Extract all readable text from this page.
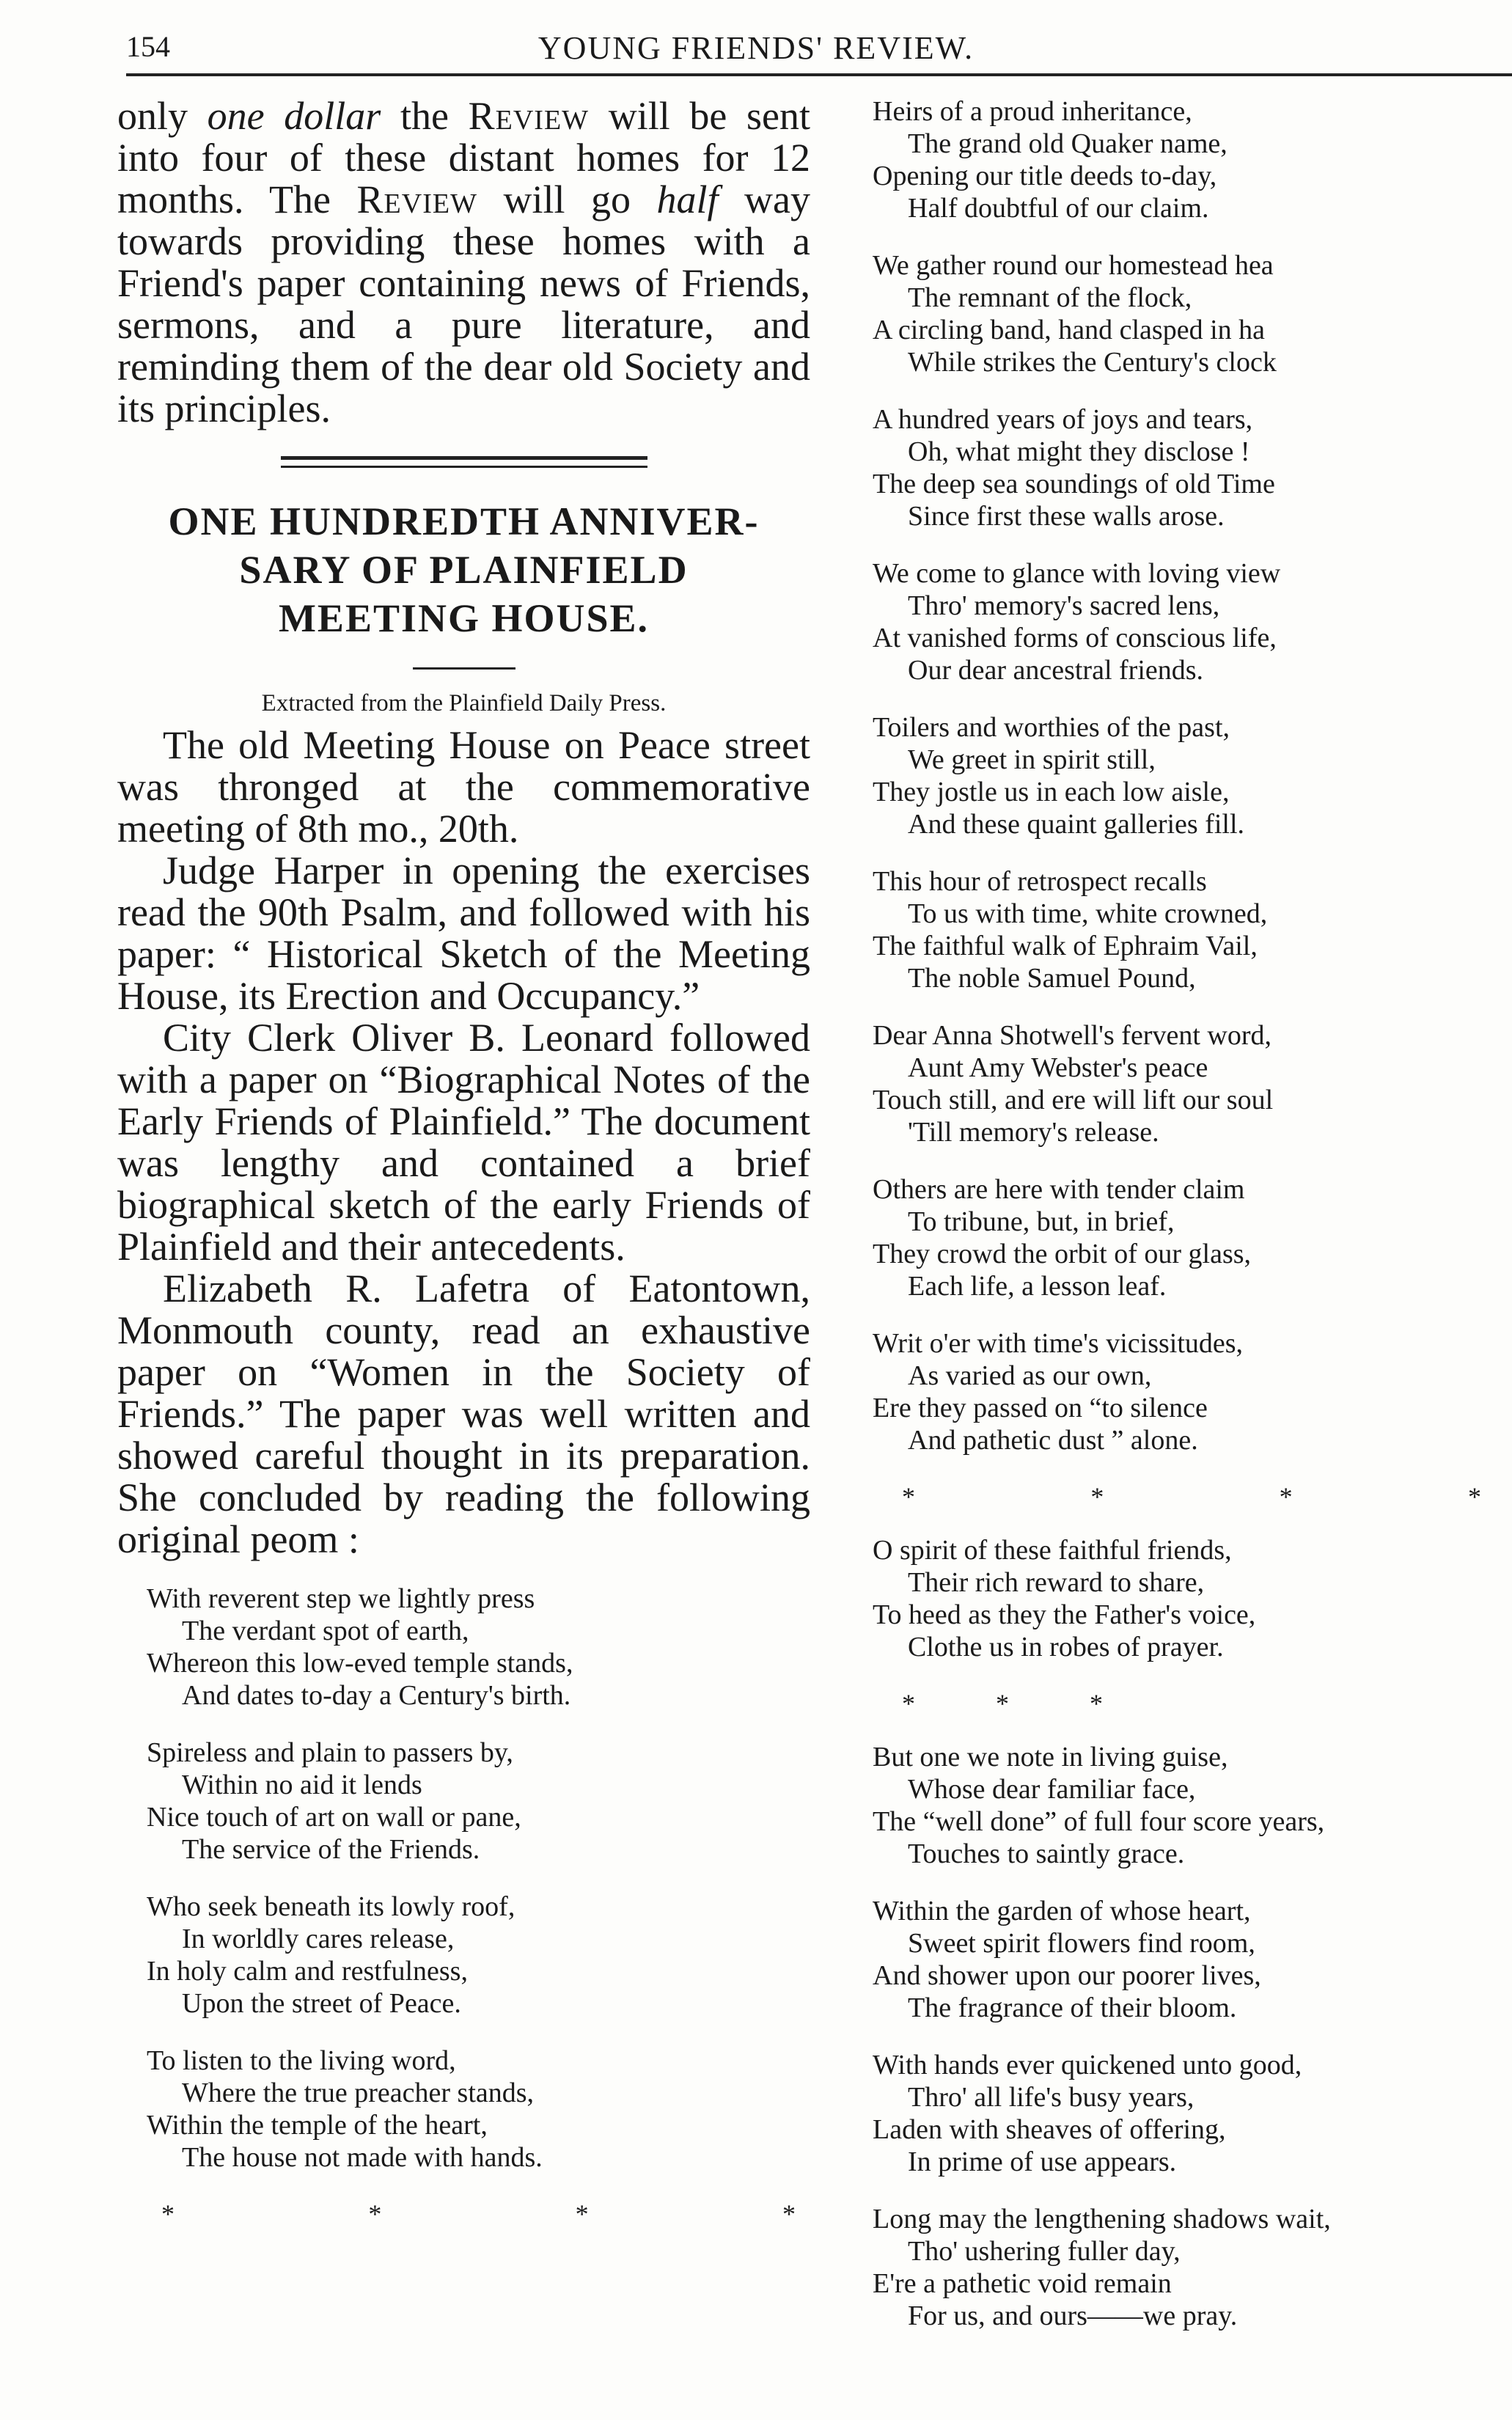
154	YOUNG FRIENDS' REVIEW.

only one dollar the Review will be sent into four of these distant homes for 12 months. The Review will go half way towards providing these homes with a Friend's paper containing news of Friends, sermons, and a pure literature, and reminding them of the dear old Society and its principles.

ONE HUNDREDTH ANNIVER-
SARY OF PLAINFIELD
MEETING HOUSE.

Extracted from the Plainfield Daily Press.

The old Meeting House on Peace street was thronged at the commemorative meeting of 8th mo., 20th.

Judge Harper in opening the exercises read the 90th Psalm, and followed with his paper: “ Historical Sketch of the Meeting House, its Erection and Occupancy.”

City Clerk Oliver B. Leonard followed with a paper on “Biographical Notes of the Early Friends of Plainfield.” The document was lengthy and contained a brief biographical sketch of the early Friends of Plainfield and their antecedents.

Elizabeth R. Lafetra of Eatontown, Monmouth county, read an exhaustive paper on “Women in the Society of Friends.” The paper was well written and showed careful thought in its preparation. She concluded by reading the following original peom :

With reverent step we lightly press
The verdant spot of earth,
Whereon this low-eved temple stands,
And dates to-day a Century's birth.
Spireless and plain to passers by,
Within no aid it lends
Nice touch of art on wall or pane,
The service of the Friends.
Who seek beneath its lowly roof,
In worldly cares release,
In holy calm and restfulness,
Upon the street of Peace.
To listen to the living word,
Where the true preacher stands,
Within the temple of the heart,
The house not made with hands.
*	*	*	*
Heirs of a proud inheritance,
The grand old Quaker name,
Opening our title deeds to-day,
Half doubtful of our claim.
We gather round our homestead hea
The remnant of the flock,
A circling band, hand clasped in ha
While strikes the Century's clock
A hundred years of joys and tears,
Oh, what might they disclose !
The deep sea soundings of old Time
Since first these walls arose.
We come to glance with loving view
Thro' memory's sacred lens,
At vanished forms of conscious life,
Our dear ancestral friends.
Toilers and worthies of the past,
We greet in spirit still,
They jostle us in each low aisle,
And these quaint galleries fill.
This hour of retrospect recalls
To us with time, white crowned,
The faithful walk of Ephraim Vail,
The noble Samuel Pound,
Dear Anna Shotwell's fervent word,
Aunt Amy Webster's peace
Touch still, and ere will lift our soul
'Till memory's release.
Others are here with tender claim
To tribune, but, in brief,
They crowd the orbit of our glass,
Each life, a lesson leaf.
Writ o'er with time's vicissitudes,
As varied as our own,
Ere they passed on “to silence
And pathetic dust ” alone.
*	*	*	*
O spirit of these faithful friends,
Their rich reward to share,
To heed as they the Father's voice,
Clothe us in robes of prayer.
*	*	*
But one we note in living guise,
Whose dear familiar face,
The “well done” of full four score years,
Touches to saintly grace.
Within the garden of whose heart,
Sweet spirit flowers find room,
And shower upon our poorer lives,
The fragrance of their bloom.
With hands ever quickened unto good,
Thro' all life's busy years,
Laden with sheaves of offering,
In prime of use appears.
Long may the lengthening shadows wait,
Tho' ushering fuller day,
E're a pathetic void remain
For us, and ours——we pray.
